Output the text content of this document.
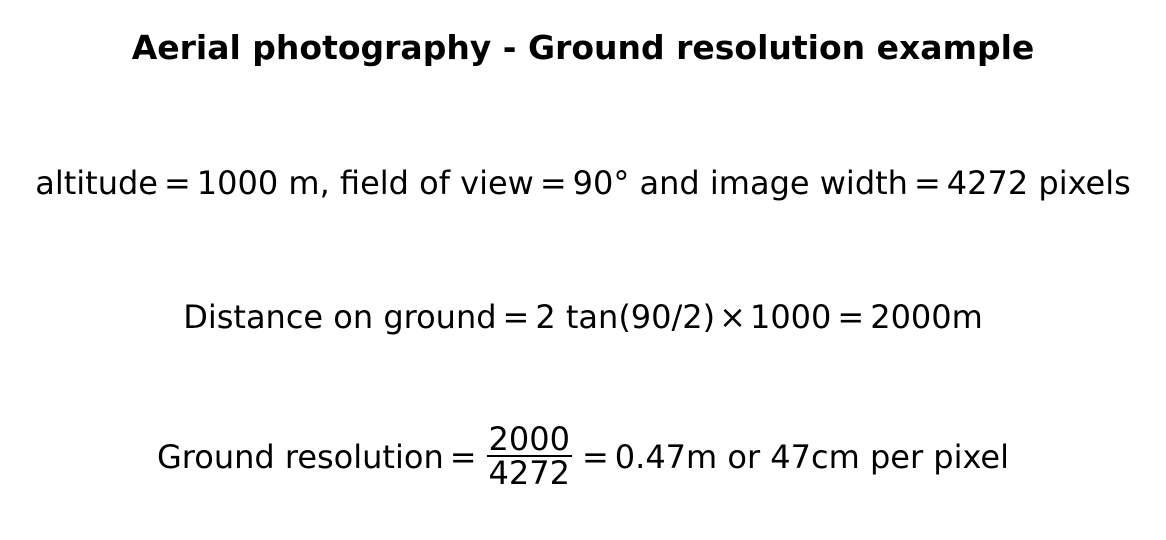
Aerial photography - Ground resolution example
altitude = 1000 m, field of view = 90° and image width = 4272 pixels
Distance on ground = 2 tan(90/2) × 1000 = 2000m
Ground resolution = $\frac{2000}{4272} = 0.47m$ or 47cm per pixel
